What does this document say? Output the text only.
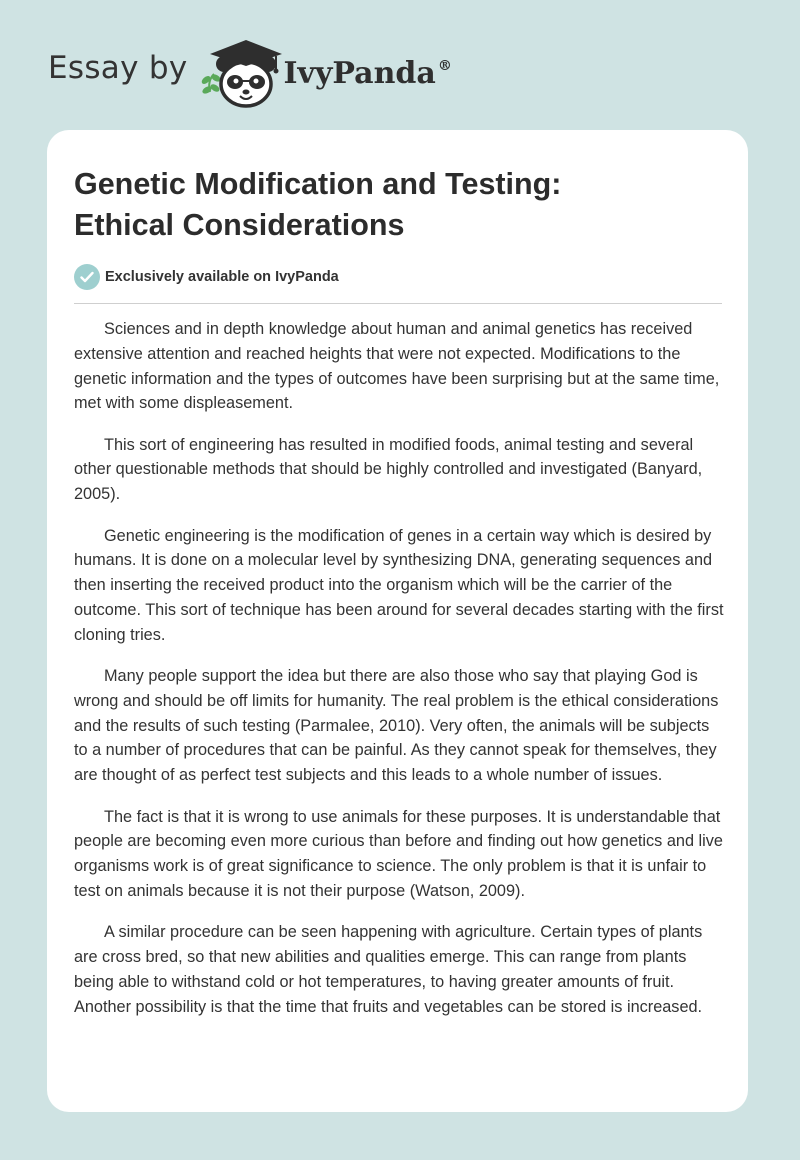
Essay by	IvyPanda ®
Genetic Modification and Testing:
Ethical Considerations
Exclusively available on IvyPanda

Sciences and in depth knowledge about human and animal genetics has received extensive attention and reached heights that were not expected. Modifications to the genetic information and the types of outcomes have been surprising but at the same time, met with some displeasement.

This sort of engineering has resulted in modified foods, animal testing and several other questionable methods that should be highly controlled and investigated (Banyard, 2005).

Genetic engineering is the modification of genes in a certain way which is desired by humans. It is done on a molecular level by synthesizing DNA, generating sequences and then inserting the received product into the organism which will be the carrier of the outcome. This sort of technique has been around for several decades starting with the first cloning tries.

Many people support the idea but there are also those who say that playing God is wrong and should be off limits for humanity. The real problem is the ethical considerations and the results of such testing (Parmalee, 2010). Very often, the animals will be subjects to a number of procedures that can be painful. As they cannot speak for themselves, they are thought of as perfect test subjects and this leads to a whole number of issues.

The fact is that it is wrong to use animals for these purposes. It is understandable that people are becoming even more curious than before and finding out how genetics and live organisms work is of great significance to science. The only problem is that it is unfair to test on animals because it is not their purpose (Watson, 2009).

A similar procedure can be seen happening with agriculture. Certain types of plants are cross bred, so that new abilities and qualities emerge. This can range from plants being able to withstand cold or hot temperatures, to having greater amounts of fruit. Another possibility is that the time that fruits and vegetables can be stored is increased.
